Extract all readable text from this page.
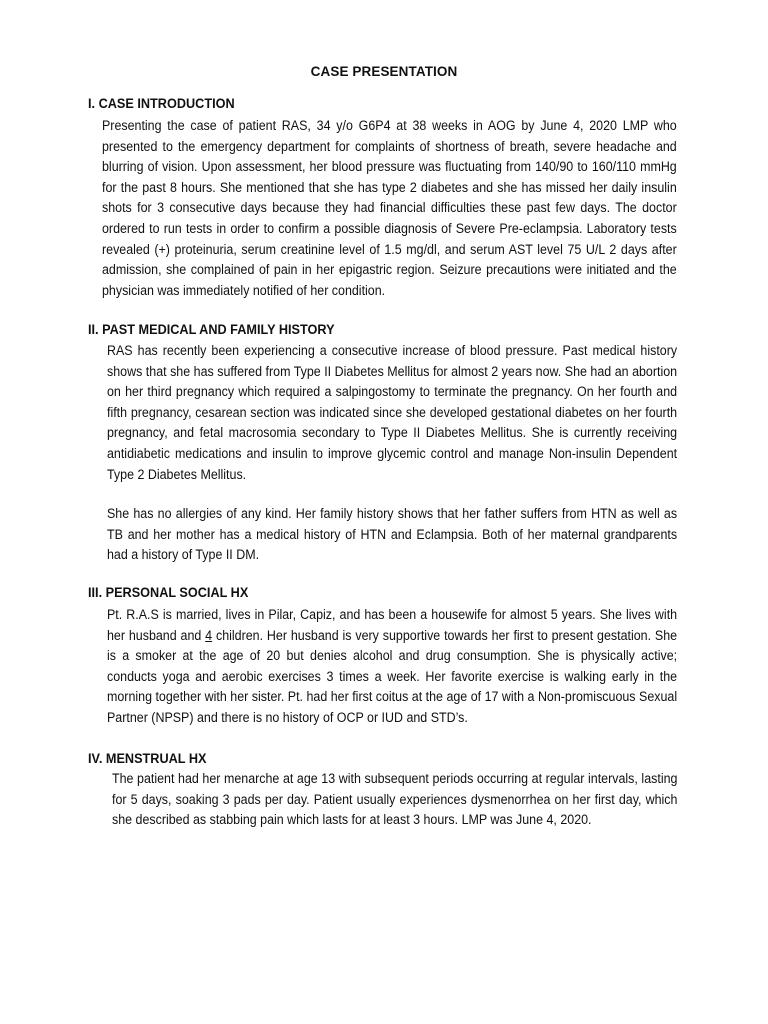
CASE PRESENTATION
I. CASE INTRODUCTION

Presenting the case of patient RAS, 34 y/o G6P4 at 38 weeks in AOG by June 4, 2020 LMP who presented to the emergency department for complaints of shortness of breath, severe headache and blurring of vision. Upon assessment, her blood pressure was fluctuating from 140/90 to 160/110 mmHg for the past 8 hours. She mentioned that she has type 2 diabetes and she has missed her daily insulin shots for 3 consecutive days because they had financial difficulties these past few days. The doctor ordered to run tests in order to confirm a possible diagnosis of Severe Pre-eclampsia. Laboratory tests revealed (+) proteinuria, serum creatinine level of 1.5 mg/dl, and serum AST level 75 U/L 2 days after admission, she complained of pain in her epigastric region. Seizure precautions were initiated and the physician was immediately notified of her condition.

II. PAST MEDICAL AND FAMILY HISTORY

RAS has recently been experiencing a consecutive increase of blood pressure. Past medical history shows that she has suffered from Type II Diabetes Mellitus for almost 2 years now. She had an abortion on her third pregnancy which required a salpingostomy to terminate the pregnancy. On her fourth and fifth pregnancy, cesarean section was indicated since she developed gestational diabetes on her fourth pregnancy, and fetal macrosomia secondary to Type II Diabetes Mellitus. She is currently receiving antidiabetic medications and insulin to improve glycemic control and manage Non-insulin Dependent Type 2 Diabetes Mellitus.

She has no allergies of any kind. Her family history shows that her father suffers from HTN as well as TB and her mother has a medical history of HTN and Eclampsia. Both of her maternal grandparents had a history of Type II DM.

III. PERSONAL SOCIAL HX

Pt. R.A.S is married, lives in Pilar, Capiz, and has been a housewife for almost 5 years. She lives with her husband and 4 children. Her husband is very supportive towards her first to present gestation. She is a smoker at the age of 20 but denies alcohol and drug consumption. She is physically active; conducts yoga and aerobic exercises 3 times a week. Her favorite exercise is walking early in the morning together with her sister. Pt. had her first coitus at the age of 17 with a Non-promiscuous Sexual Partner (NPSP) and there is no history of OCP or IUD and STD’s.

IV. MENSTRUAL HX

The patient had her menarche at age 13 with subsequent periods occurring at regular intervals, lasting for 5 days, soaking 3 pads per day. Patient usually experiences dysmenorrhea on her first day, which she described as stabbing pain which lasts for at least 3 hours. LMP was June 4, 2020.
